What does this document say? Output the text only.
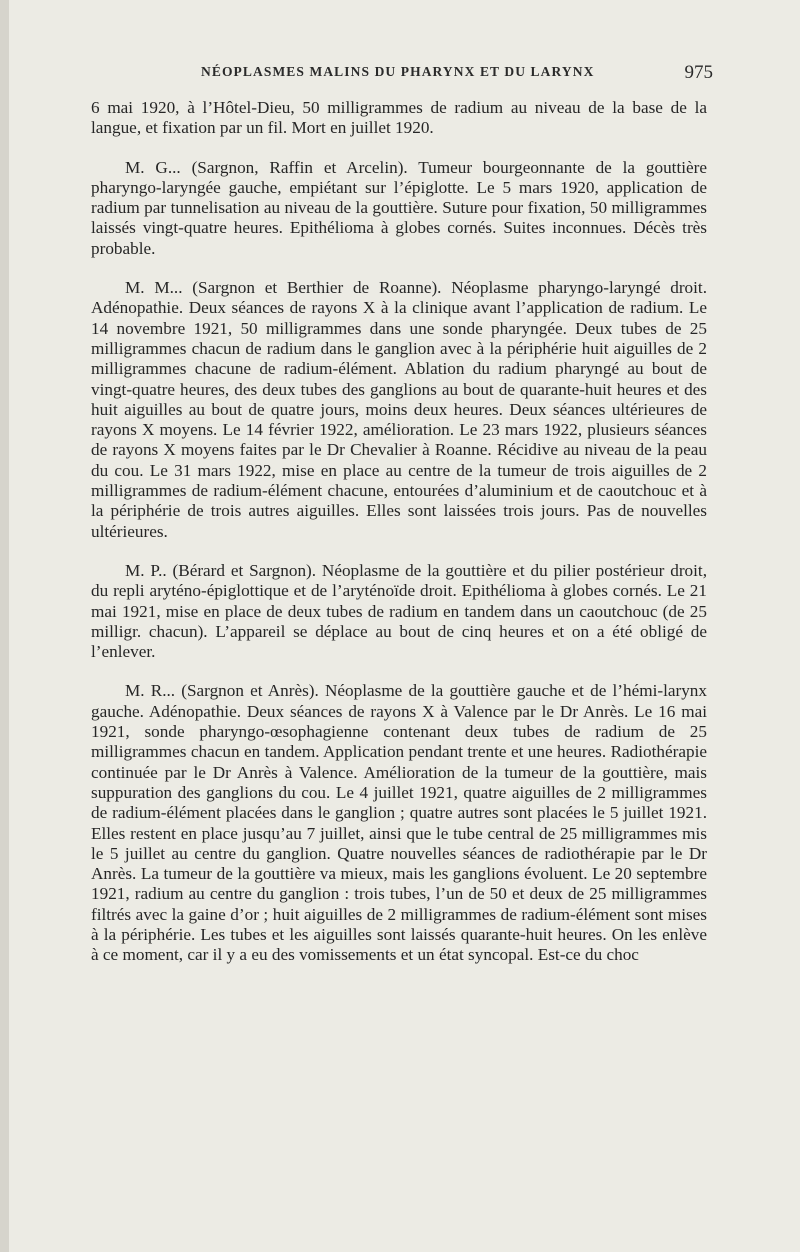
NÉOPLASMES MALINS DU PHARYNX ET DU LARYNX	975

6 mai 1920, à l’Hôtel-Dieu, 50 milligrammes de radium au niveau de la base de la langue, et fixation par un fil. Mort en juillet 1920.

M. G... (Sargnon, Raffin et Arcelin). Tumeur bourgeonnante de la gouttière pharyngo-laryngée gauche, empiétant sur l’épiglotte. Le 5 mars 1920, application de radium par tunnelisation au niveau de la gouttière. Suture pour fixation, 50 milligrammes laissés vingt-quatre heures. Epithélioma à globes cornés. Suites inconnues. Décès très probable.

M. M... (Sargnon et Berthier de Roanne). Néoplasme pharyngo-laryngé droit. Adénopathie. Deux séances de rayons X à la clinique avant l’application de radium. Le 14 novembre 1921, 50 milligrammes dans une sonde pharyngée. Deux tubes de 25 milligrammes chacun de radium dans le ganglion avec à la périphérie huit aiguilles de 2 milligrammes chacune de radium-élément. Ablation du radium pharyngé au bout de vingt-quatre heures, des deux tubes des ganglions au bout de quarante-huit heures et des huit aiguilles au bout de quatre jours, moins deux heures. Deux séances ultérieures de rayons X moyens. Le 14 février 1922, amélioration. Le 23 mars 1922, plusieurs séances de rayons X moyens faites par le Dr Chevalier à Roanne. Récidive au niveau de la peau du cou. Le 31 mars 1922, mise en place au centre de la tumeur de trois aiguilles de 2 milligrammes de radium-élément chacune, entourées d’aluminium et de caoutchouc et à la périphérie de trois autres aiguilles. Elles sont laissées trois jours. Pas de nouvelles ultérieures.

M. P.. (Bérard et Sargnon). Néoplasme de la gouttière et du pilier postérieur droit, du repli aryténo-épiglottique et de l’aryténoïde droit. Epithélioma à globes cornés. Le 21 mai 1921, mise en place de deux tubes de radium en tandem dans un caoutchouc (de 25 milligr. chacun). L’appareil se déplace au bout de cinq heures et on a été obligé de l’enlever.

M. R... (Sargnon et Anrès). Néoplasme de la gouttière gauche et de l’hémi-larynx gauche. Adénopathie. Deux séances de rayons X à Valence par le Dr Anrès. Le 16 mai 1921, sonde pharyngo-œsophagienne contenant deux tubes de radium de 25 milligrammes chacun en tandem. Application pendant trente et une heures. Radiothérapie continuée par le Dr Anrès à Valence. Amélioration de la tumeur de la gouttière, mais suppuration des ganglions du cou. Le 4 juillet 1921, quatre aiguilles de 2 milligrammes de radium-élément placées dans le ganglion ; quatre autres sont placées le 5 juillet 1921. Elles restent en place jusqu’au 7 juillet, ainsi que le tube central de 25 milligrammes mis le 5 juillet au centre du ganglion. Quatre nouvelles séances de radiothérapie par le Dr Anrès. La tumeur de la gouttière va mieux, mais les ganglions évoluent. Le 20 septembre 1921, radium au centre du ganglion : trois tubes, l’un de 50 et deux de 25 milligrammes filtrés avec la gaine d’or ; huit aiguilles de 2 milligrammes de radium-élément sont mises à la périphérie. Les tubes et les aiguilles sont laissés quarante-huit heures. On les enlève à ce moment, car il y a eu des vomissements et un état syncopal. Est-ce du choc
